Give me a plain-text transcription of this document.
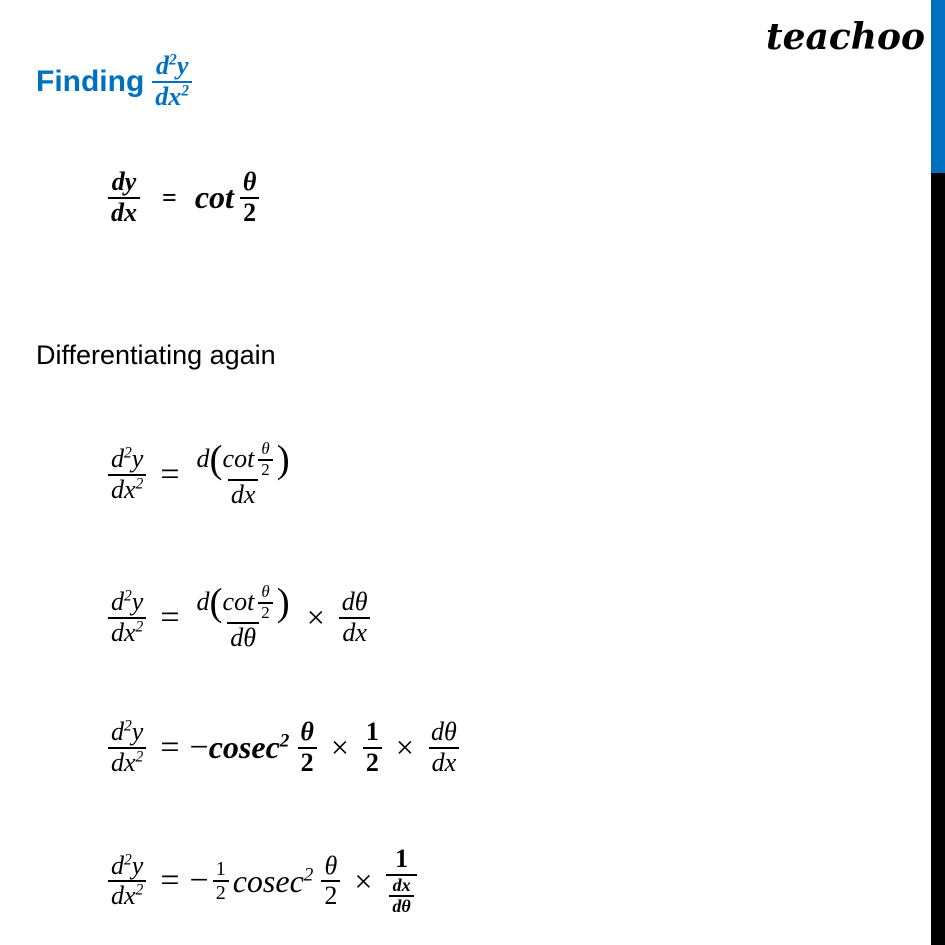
teachoo
Finding $\frac{d^2y}{dx^2}$
$\frac{dy}{dx} = \cot \frac{\theta}{2}$
Differentiating again
$\frac{d^2y}{dx^2} = \frac{d ( \cot \frac{\theta}{2} )}{dx}$
$\frac{d^2y}{dx^2} = \frac{d ( \cot \frac{\theta}{2} )}{d\theta} \times \frac{d\theta}{dx}$
$\frac{d^2y}{dx^2}$ = − $cosec^2 \frac{\theta}{2} \times \frac{1}{2} \times \frac{d\theta}{dx}$
$\frac{d^2y}{dx^2}$ = − $\frac{1}{2} cosec^2 \frac{\theta}{2} \times \frac{1}{\frac{dx}{d\theta}}$
